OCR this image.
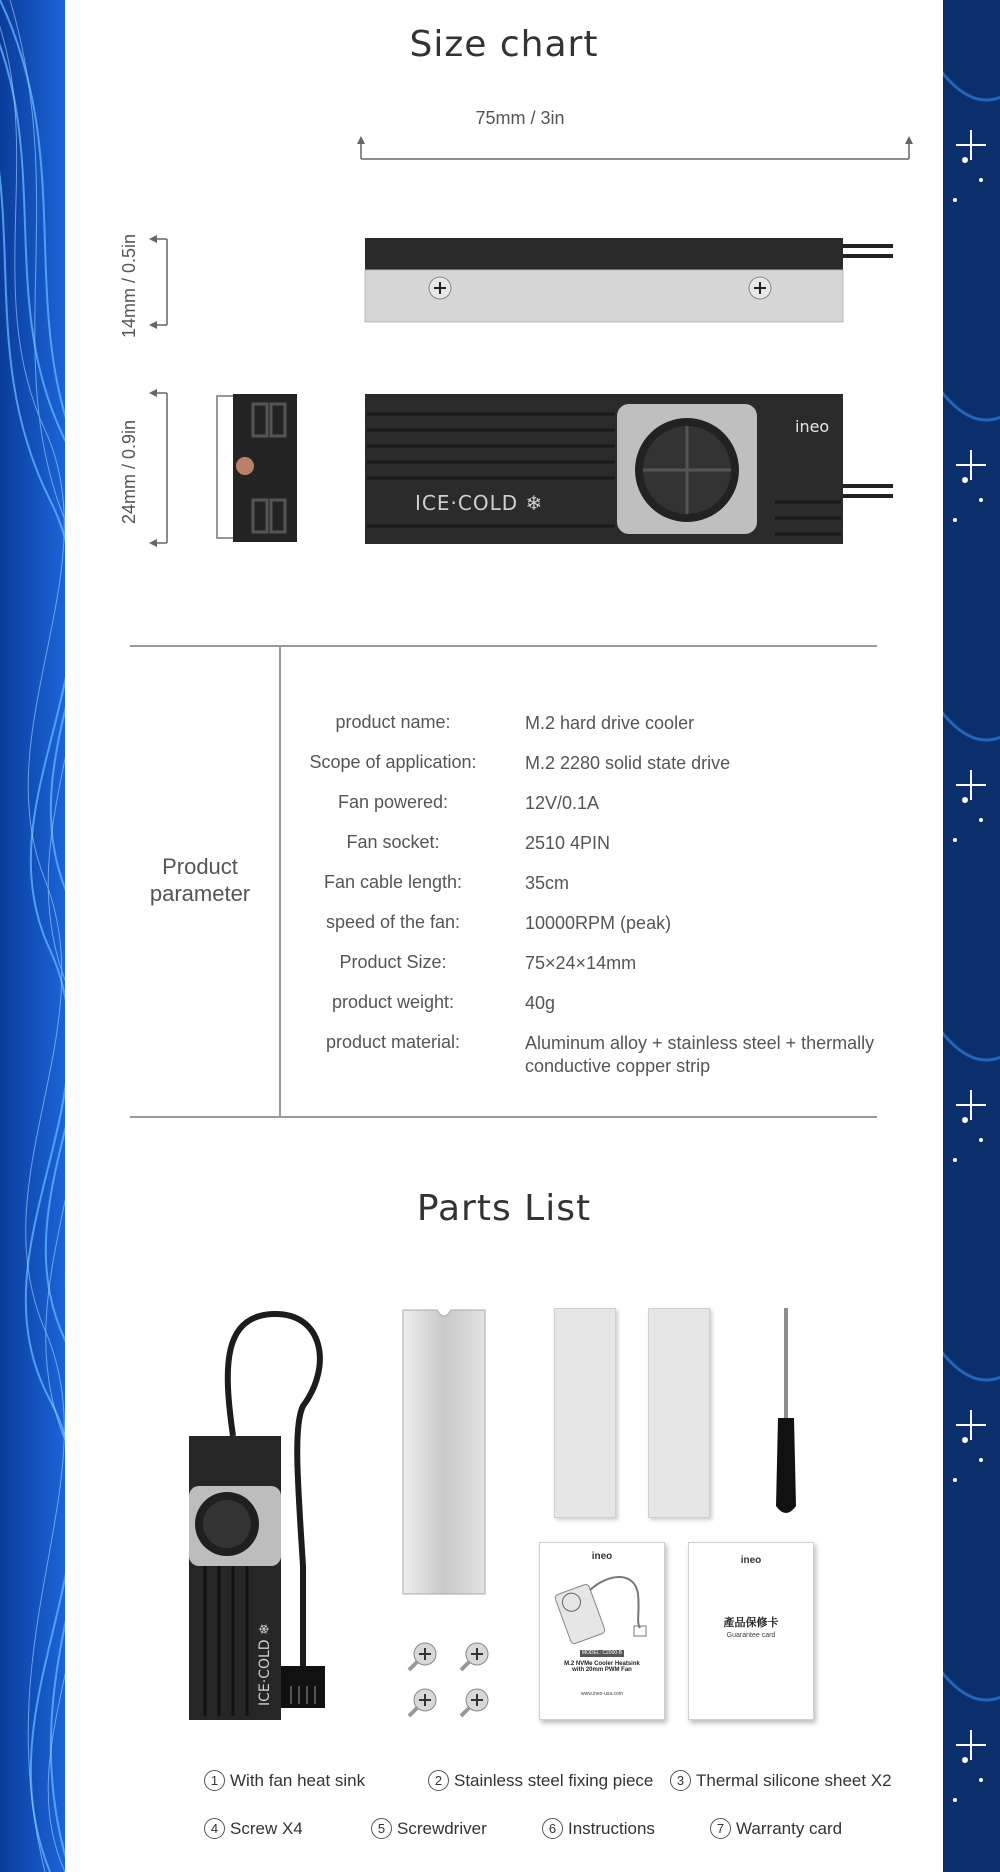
Size chart
75mm / 3in
14mm / 0.5in
24mm / 0.9in	ICE·COLD ❄
ineo
Product
parameter
product name:	M.2 hard drive cooler
Scope of application:	M.2 2280 solid state drive
Fan powered:	12V/0.1A
Fan socket:	2510 4PIN
Fan cable length:	35cm
speed of the fan:	10000RPM (peak)
Product Size:	75×24×14mm
product weight:	40g
product material:	Aluminum alloy + stainless steel + thermally conductive copper strip
Parts List
ICE·COLD ❄
ineo
MODEL: C2000-B
M.2 NVMe Cooler Heatsink
with 20mm PWM Fan
www.ineo-usa.com
ineo
產品保修卡
Guarantee card
1 With fan heat sink	2 Stainless steel fixing piece	3 Thermal silicone sheet X2
4 Screw X4	5 Screwdriver	6 Instructions	7 Warranty card
